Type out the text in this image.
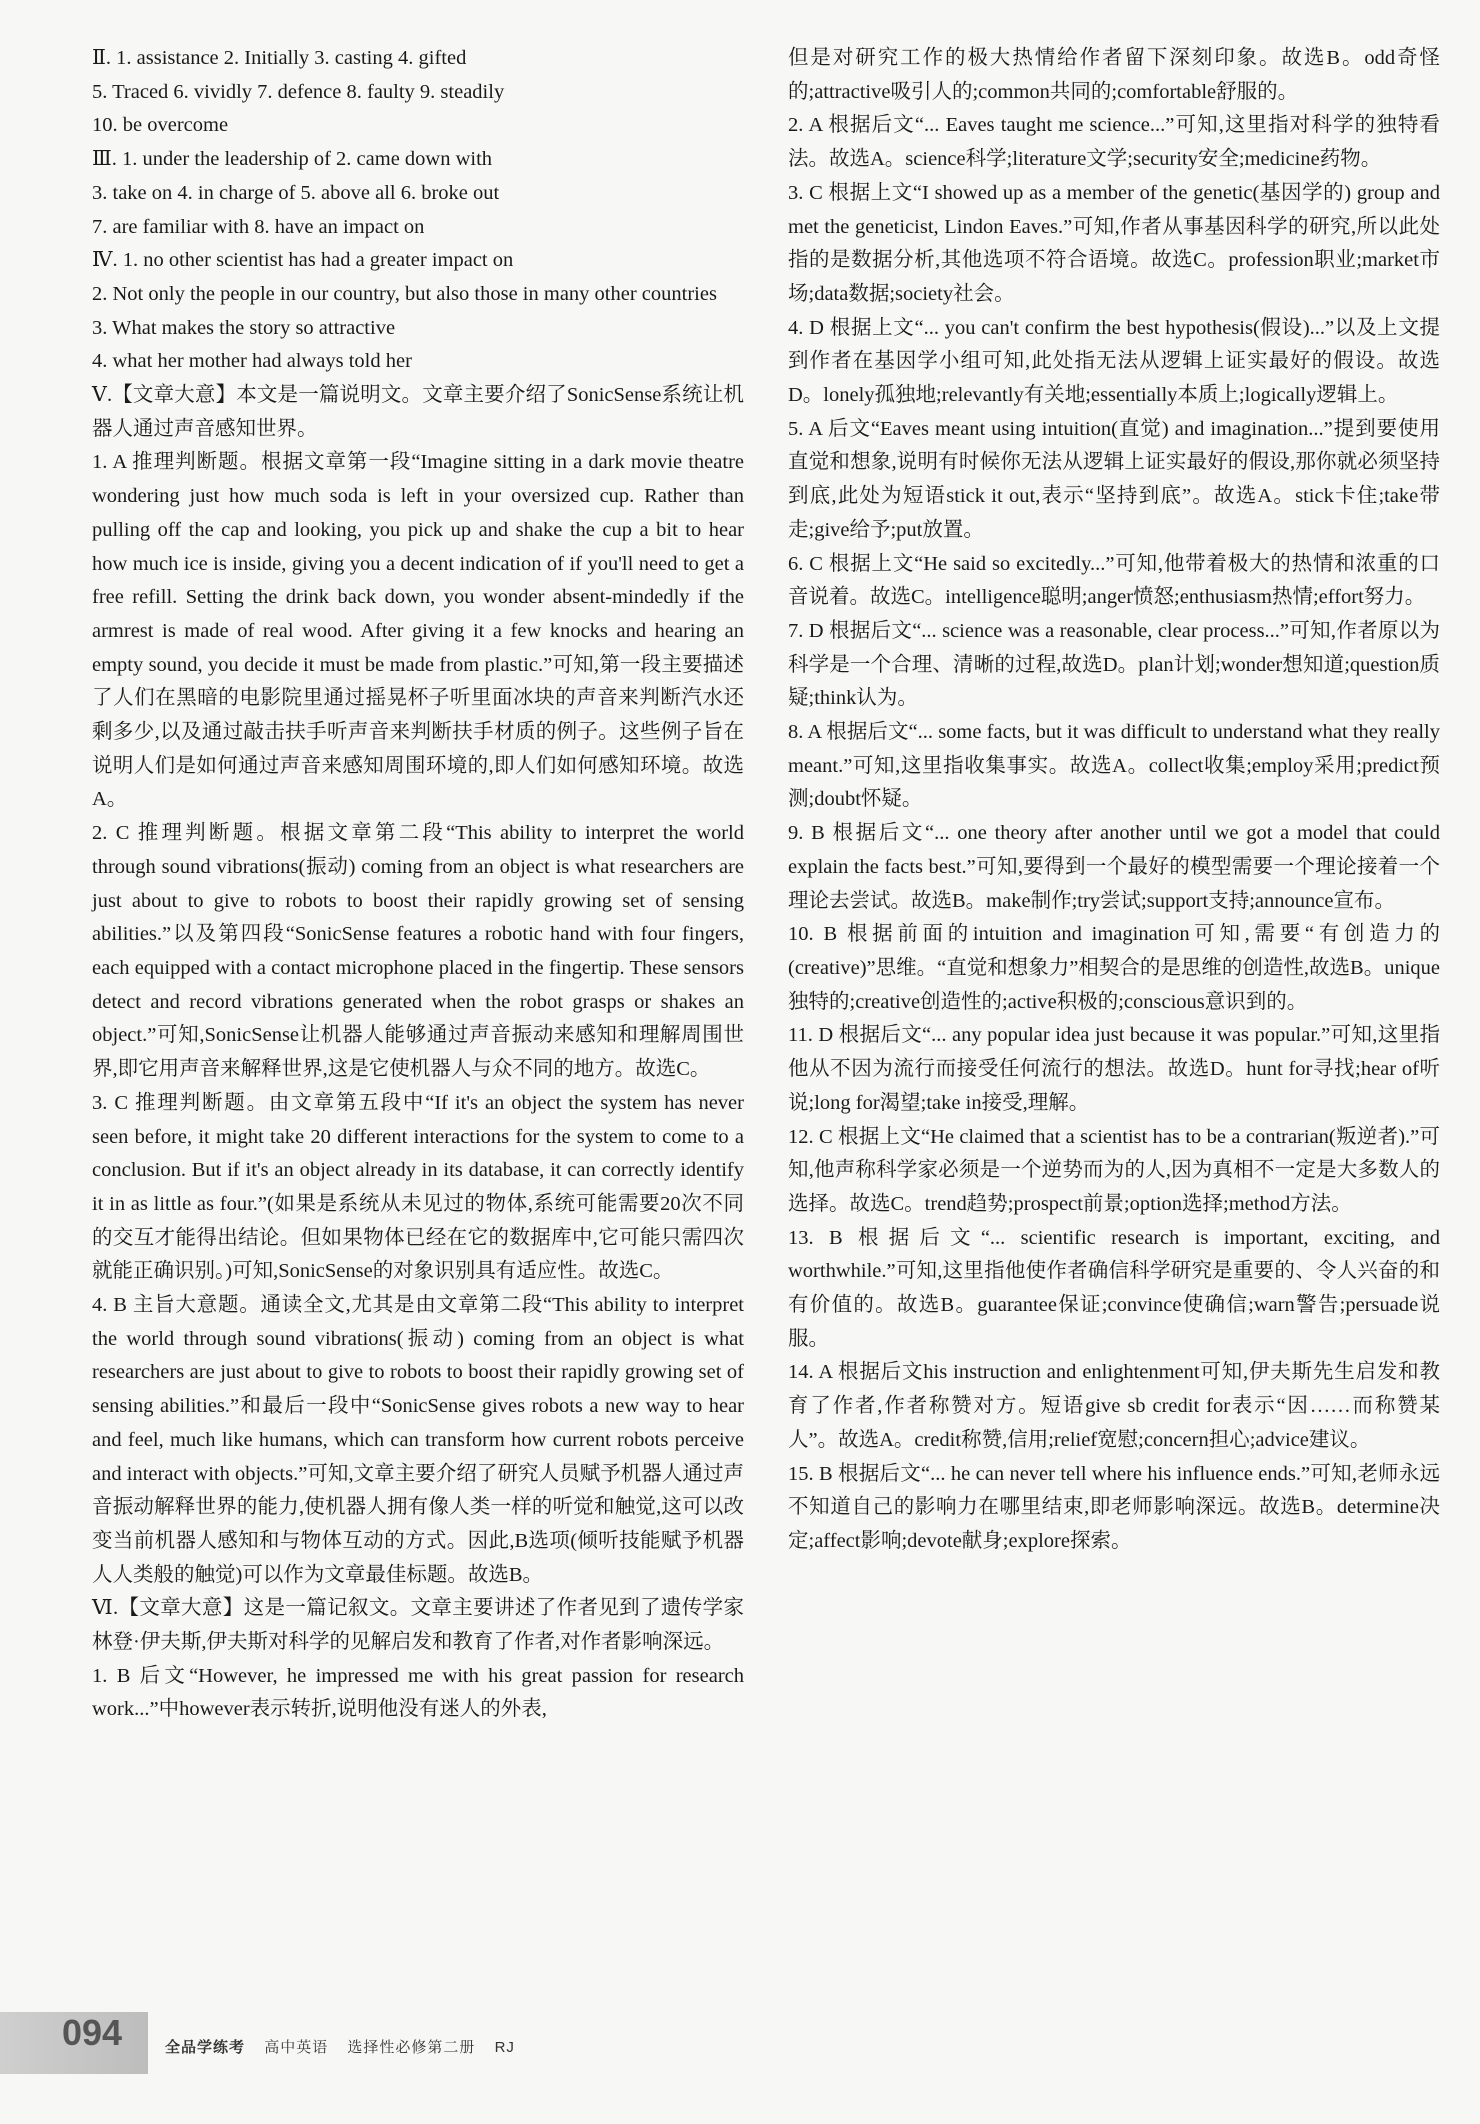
Ⅱ. 1. assistance 2. Initially 3. casting 4. gifted

5. Traced 6. vividly 7. defence 8. faulty 9. steadily

10. be overcome

Ⅲ. 1. under the leadership of 2. came down with

3. take on 4. in charge of 5. above all 6. broke out

7. are familiar with 8. have an impact on

Ⅳ. 1. no other scientist has had a greater impact on

2. Not only the people in our country, but also those in many other countries

3. What makes the story so attractive

4. what her mother had always told her

Ⅴ.【文章大意】本文是一篇说明文。文章主要介绍了SonicSense系统让机器人通过声音感知世界。

1. A 推理判断题。根据文章第一段“Imagine sitting in a dark movie theatre wondering just how much soda is left in your oversized cup. Rather than pulling off the cap and looking, you pick up and shake the cup a bit to hear how much ice is inside, giving you a decent indication of if you'll need to get a free refill. Setting the drink back down, you wonder absent-mindedly if the armrest is made of real wood. After giving it a few knocks and hearing an empty sound, you decide it must be made from plastic.”可知,第一段主要描述了人们在黑暗的电影院里通过摇晃杯子听里面冰块的声音来判断汽水还剩多少,以及通过敲击扶手听声音来判断扶手材质的例子。这些例子旨在说明人们是如何通过声音来感知周围环境的,即人们如何感知环境。故选A。

2. C 推理判断题。根据文章第二段“This ability to interpret the world through sound vibrations(振动) coming from an object is what researchers are just about to give to robots to boost their rapidly growing set of sensing abilities.”以及第四段“SonicSense features a robotic hand with four fingers, each equipped with a contact microphone placed in the fingertip. These sensors detect and record vibrations generated when the robot grasps or shakes an object.”可知,SonicSense让机器人能够通过声音振动来感知和理解周围世界,即它用声音来解释世界,这是它使机器人与众不同的地方。故选C。

3. C 推理判断题。由文章第五段中“If it's an object the system has never seen before, it might take 20 different interactions for the system to come to a conclusion. But if it's an object already in its database, it can correctly identify it in as little as four.”(如果是系统从未见过的物体,系统可能需要20次不同的交互才能得出结论。但如果物体已经在它的数据库中,它可能只需四次就能正确识别。)可知,SonicSense的对象识别具有适应性。故选C。

4. B 主旨大意题。通读全文,尤其是由文章第二段“This ability to interpret the world through sound vibrations(振动) coming from an object is what researchers are just about to give to robots to boost their rapidly growing set of sensing abilities.”和最后一段中“SonicSense gives robots a new way to hear and feel, much like humans, which can transform how current robots perceive and interact with objects.”可知,文章主要介绍了研究人员赋予机器人通过声音振动解释世界的能力,使机器人拥有像人类一样的听觉和触觉,这可以改变当前机器人感知和与物体互动的方式。因此,B选项(倾听技能赋予机器人人类般的触觉)可以作为文章最佳标题。故选B。

Ⅵ.【文章大意】这是一篇记叙文。文章主要讲述了作者见到了遗传学家林登·伊夫斯,伊夫斯对科学的见解启发和教育了作者,对作者影响深远。

1. B 后文“However, he impressed me with his great passion for research work...”中however表示转折,说明他没有迷人的外表,

但是对研究工作的极大热情给作者留下深刻印象。故选B。odd奇怪的;attractive吸引人的;common共同的;comfortable舒服的。

2. A 根据后文“... Eaves taught me science...”可知,这里指对科学的独特看法。故选A。science科学;literature文学;security安全;medicine药物。

3. C 根据上文“I showed up as a member of the genetic(基因学的) group and met the geneticist, Lindon Eaves.”可知,作者从事基因科学的研究,所以此处指的是数据分析,其他选项不符合语境。故选C。profession职业;market市场;data数据;society社会。

4. D 根据上文“... you can't confirm the best hypothesis(假设)...”以及上文提到作者在基因学小组可知,此处指无法从逻辑上证实最好的假设。故选D。lonely孤独地;relevantly有关地;essentially本质上;logically逻辑上。

5. A 后文“Eaves meant using intuition(直觉) and imagination...”提到要使用直觉和想象,说明有时候你无法从逻辑上证实最好的假设,那你就必须坚持到底,此处为短语stick it out,表示“坚持到底”。故选A。stick卡住;take带走;give给予;put放置。

6. C 根据上文“He said so excitedly...”可知,他带着极大的热情和浓重的口音说着。故选C。intelligence聪明;anger愤怒;enthusiasm热情;effort努力。

7. D 根据后文“... science was a reasonable, clear process...”可知,作者原以为科学是一个合理、清晰的过程,故选D。plan计划;wonder想知道;question质疑;think认为。

8. A 根据后文“... some facts, but it was difficult to understand what they really meant.”可知,这里指收集事实。故选A。collect收集;employ采用;predict预测;doubt怀疑。

9. B 根据后文“... one theory after another until we got a model that could explain the facts best.”可知,要得到一个最好的模型需要一个理论接着一个理论去尝试。故选B。make制作;try尝试;support支持;announce宣布。

10. B 根据前面的intuition and imagination可知,需要“有创造力的(creative)”思维。“直觉和想象力”相契合的是思维的创造性,故选B。unique独特的;creative创造性的;active积极的;conscious意识到的。

11. D 根据后文“... any popular idea just because it was popular.”可知,这里指他从不因为流行而接受任何流行的想法。故选D。hunt for寻找;hear of听说;long for渴望;take in接受,理解。

12. C 根据上文“He claimed that a scientist has to be a contrarian(叛逆者).”可知,他声称科学家必须是一个逆势而为的人,因为真相不一定是大多数人的选择。故选C。trend趋势;prospect前景;option选择;method方法。

13. B 根据后文“... scientific research is important, exciting, and worthwhile.”可知,这里指他使作者确信科学研究是重要的、令人兴奋的和有价值的。故选B。guarantee保证;convince使确信;warn警告;persuade说服。

14. A 根据后文his instruction and enlightenment可知,伊夫斯先生启发和教育了作者,作者称赞对方。短语give sb credit for表示“因……而称赞某人”。故选A。credit称赞,信用;relief宽慰;concern担心;advice建议。

15. B 根据后文“... he can never tell where his influence ends.”可知,老师永远不知道自己的影响力在哪里结束,即老师影响深远。故选B。determine决定;affect影响;devote献身;explore探索。

094	全品学练考 高中英语 选择性必修第二册 RJ
